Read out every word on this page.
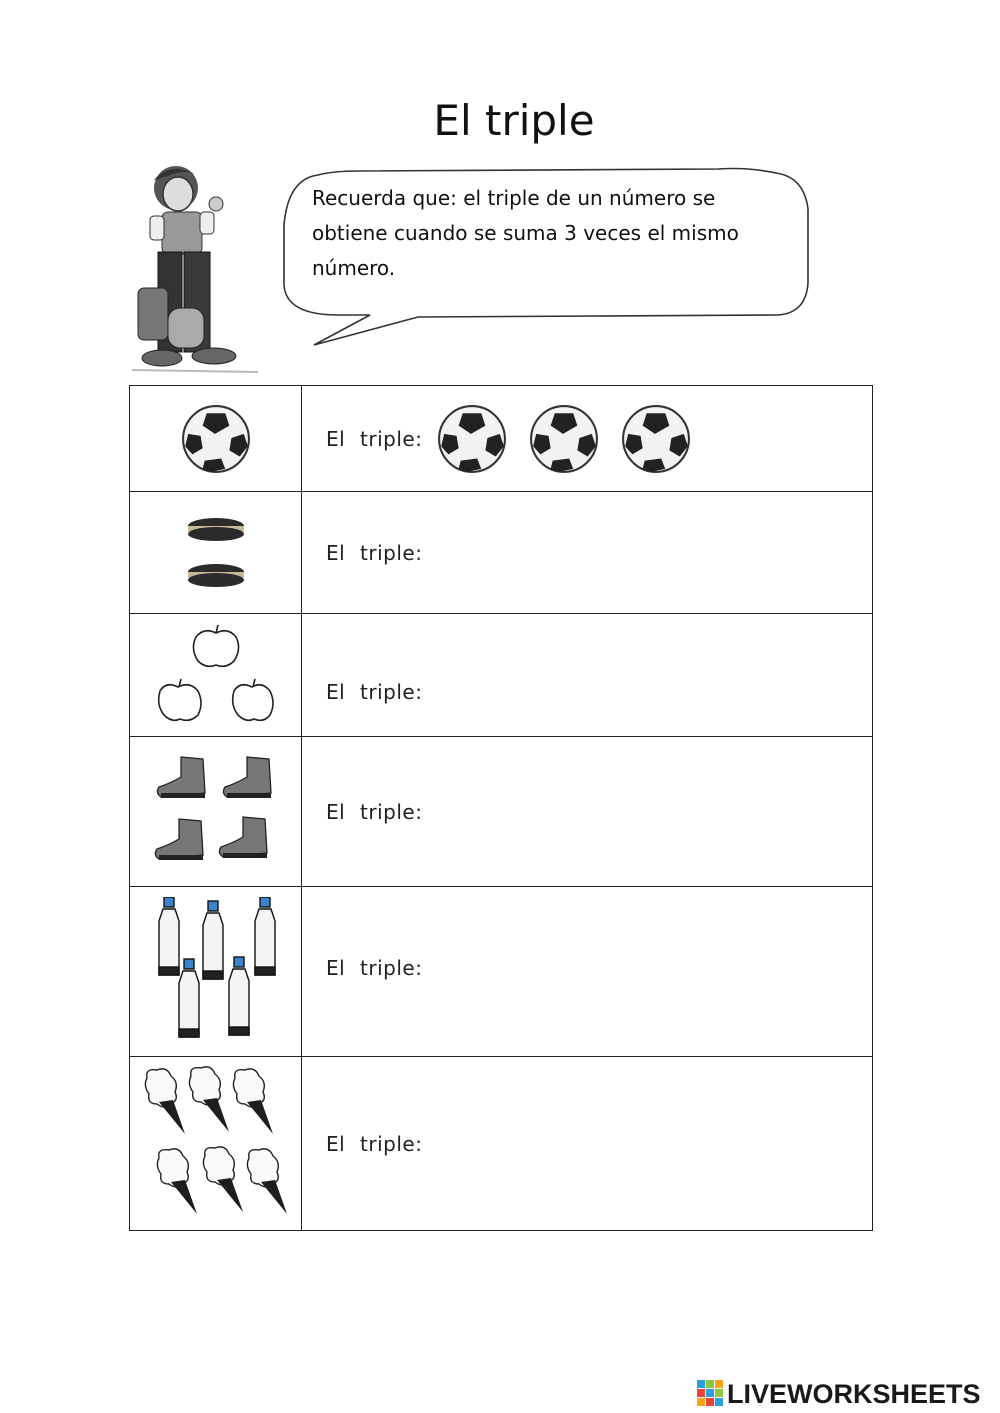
El triple
Recuerda que: el triple de un número se obtiene cuando se suma 3 veces el mismo número.

El triple:

El triple:

El triple:

El triple:

El triple:

El triple:
LIVEWORKSHEETS
